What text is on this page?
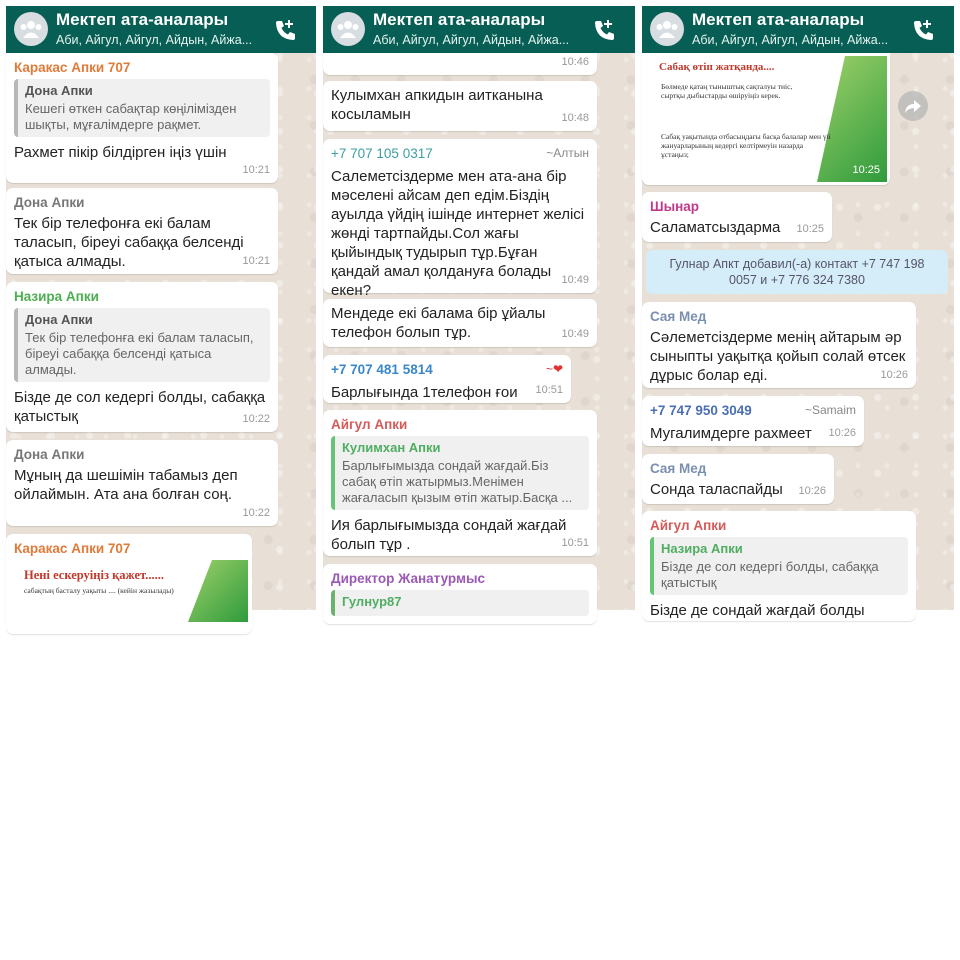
Мектеп ата-аналары
Аби, Айгул, Айгул, Айдын, Айжа...
Каракас Апки 707
Дона Апки
Кешегі өткен сабақтар көңілімізден шықты, мұғалімдерге рақмет.
Рахмет пікір білдірген іңіз үшін
10:21
Дона Апки
Тек бір телефонға екі балам таласып, біреуі сабаққа белсенді қатыса алмады.	10:21
Назира Апки
Дона Апки
Тек бір телефонға екі балам таласып, біреуі сабаққа белсенді қатыса алмады.
Бізде де сол кедергі болды, сабаққа қатыстық	10:22
Дона Апки
Мұның да шешімін табамыз деп ойлаймын. Ата ана болған соң.
10:22
Каракас Апки 707
Нені ескеруіңіз қажет......
сабақтың басталу уақыты .... (кейін жазылады)
Мектеп ата-аналары
Аби, Айгул, Айгул, Айдын, Айжа...
10:46
Кулымхан апкидын аитканына косыламын	10:48
+7 707 105 0317	~Алтын
Салеметсіздерме мен ата-ана бір мәселені айсам деп едім.Біздің ауылда үйдің ішінде интернет желісі жөнді тартпайды.Сол жағы қыйындық тудырып тұр.Бұған қандай амал қолдануға болады екен?
10:49
Мендеде екі балама бір ұйалы телефон болып тұр.	10:49
+7 707 481 5814	~❤
Барлығында 1телефон ғои	10:51
Айгул Апки
Кулимхан Апки
Барлығымызда сондай жағдай.Біз сабақ өтіп жатырмыз.Менімен жағаласып қызым өтіп жатыр.Басқа ...
Ия барлығымызда сондай жағдай болып тұр .	10:51
Директор Жанатурмыс
Гулнур87
Мектеп ата-аналары
Аби, Айгул, Айгул, Айдын, Айжа...
Сабақ өтіп жатқанда....
Бөлмеде қатаң тыныштық сақталуы тиіс, сыртқы дыбыстарды өшіруіңіз керек.
Сабақ уақытында отбасыңдағы басқа балалар мен үй жануарларының кедергі келтірмеуін назарда ұстаңыз;
10:25
Шынар
Саламатсыздарма	10:25
Гулнар Апкт добавил(-а) контакт +7 747 198 0057 и +7 776 324 7380
Сая Мед
Сәлеметсіздерме менің айтарым әр сыныпты уақытқа қойып солай өтсек дұрыс болар еді.	10:26
+7 747 950 3049	~Samaim
Мугалимдерге рахмеет	10:26
Сая Мед
Сонда таласпайды	10:26
Айгул Апки
Назира Апки
Бізде де сол кедергі болды, сабаққа қатыстық
Бізде де сондай жағдай болды
